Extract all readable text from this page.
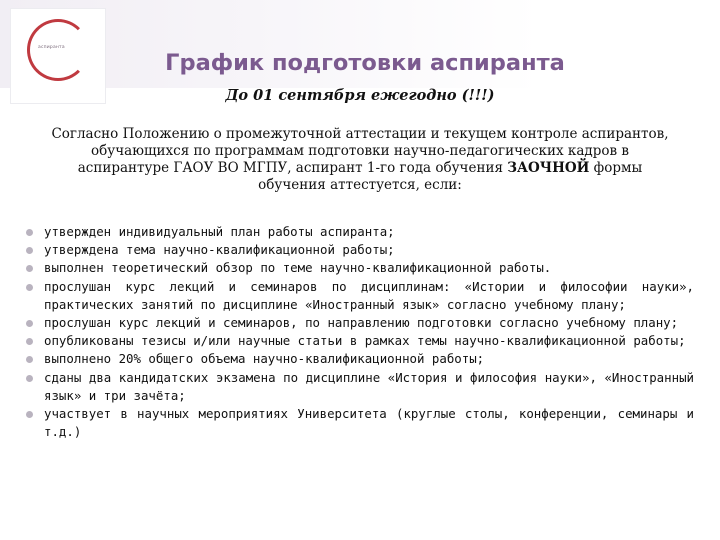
аспиранта
График подготовки аспиранта
До 01 сентября ежегодно (!!!)
Согласно Положению о промежуточной аттестации и текущем контроле аспирантов,
обучающихся по программам подготовки научно-педагогических кадров в
аспирантуре ГАОУ ВО МГПУ, аспирант 1-го года обучения ЗАОЧНОЙ формы
обучения аттестуется, если:
утвержден индивидуальный план работы аспиранта;
утверждена тема научно-квалификационной работы;
выполнен теоретический обзор по теме научно-квалификационной работы.
прослушан курс лекций и семинаров по дисциплинам: «Истории и философии науки», практических занятий по дисциплине «Иностранный язык» согласно учебному плану;
прослушан курс лекций и семинаров, по направлению подготовки согласно учебному плану;
опубликованы тезисы и/или научные статьи в рамках темы научно-квалификационной работы;
выполнено 20% общего объема научно-квалификационной работы;
сданы два кандидатских экзамена по дисциплине «История и философия науки», «Иностранный язык» и три зачёта;
участвует в научных мероприятиях Университета (круглые столы, конференции, семинары и т.д.)
